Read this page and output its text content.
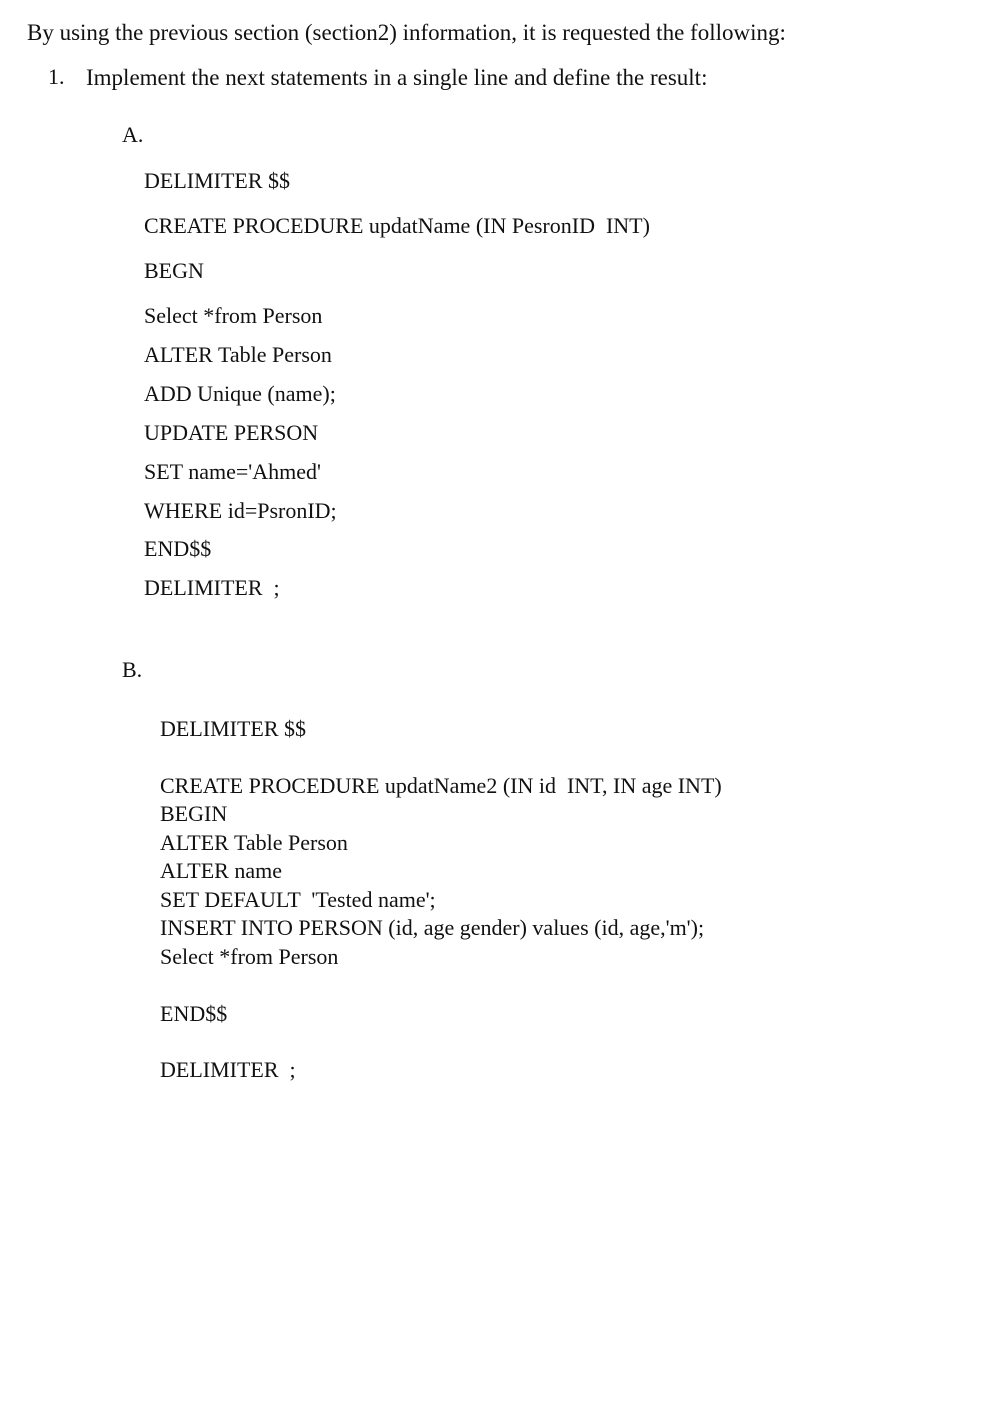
By using the previous section (section2) information, it is requested the following:
1. Implement the next statements in a single line and define the result:
A.
DELIMITER $$
CREATE PROCEDURE updatName (IN PesronID  INT)
BEGN
Select *from Person
ALTER Table Person
ADD Unique (name);
UPDATE PERSON
SET name='Ahmed'
WHERE id=PsronID;
END$$
DELIMITER  ;
B.
DELIMITER $$
CREATE PROCEDURE updatName2 (IN id  INT, IN age INT)
BEGIN
ALTER Table Person
ALTER name
SET DEFAULT  'Tested name';
INSERT INTO PERSON (id, age gender) values (id, age,'m');
Select *from Person
END$$
DELIMITER  ;
